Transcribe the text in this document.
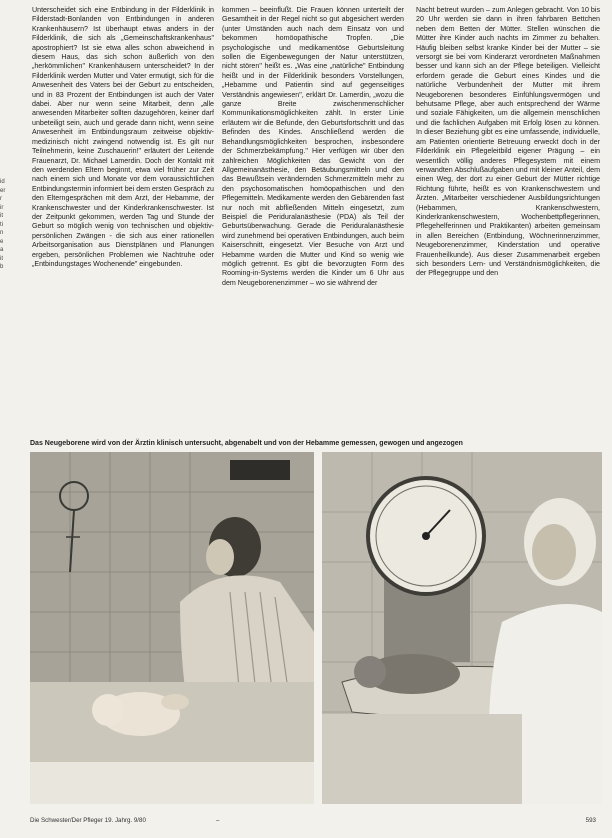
id
er
r
ir
it
ti
n
e
a
it
b

Unterscheidet sich eine Entbindung in der Filderklinik in Filderstadt-Bonlanden von Entbindungen in anderen Krankenhäusern? Ist überhaupt etwas anders in der Filderklinik, die sich als „Gemeinschaftskrankenhaus" apostrophiert? Ist sie etwa alles schon abweichend in diesem Haus, das sich schon äußerlich von den „herkömmlichen" Krankenhäusern unterscheidet? In der Filderklinik werden Mutter und Vater ermutigt, sich für die Anwesenheit des Vaters bei der Geburt zu entscheiden, und in 83 Prozent der Entbindungen ist auch der Vater dabei. Aber nur wenn seine Mitarbeit, denn „alle anwesenden Mitarbeiter sollten dazugehören, keiner darf unbeteiligt sein, auch und gerade dann nicht, wenn seine Anwesenheit im Entbindungsraum zeitweise objektiv-medizinisch nicht zwingend notwendig ist. Es gilt nur Teilnehmerin, keine Zuschauerin!" erläutert der Leitende Frauenarzt, Dr. Michael Lamerdin. Doch der Kontakt mit den werdenden Eltern beginnt, etwa viel früher zur Zeit nach einem sich und Monate vor dem voraussichtlichen Entbindungstermin informiert bei dem ersten Gespräch zu den Elterngesprächen mit dem Arzt, der Hebamme, der Krankenschwester und der Kinderkrankenschwester. Ist der Zeitpunkt gekommen, werden Tag und Stunde der Geburt so möglich wenig von technischen und objektiv-persönlichen Zwängen - die sich aus einer rationellen Arbeitsorganisation aus Dienstplänen und Planungen ergeben, persönlichen Problemen wie Nachtruhe oder „Entbindungstages Wochenende" eingebunden.

kommen – beeinflußt. Die Frauen können unterteilt der Gesamtheit in der Regel nicht so gut abgesichert werden (unter Umständen auch nach dem Einsatz von und bekommen homöopathische Tropfen. „Die psychologische und medikamentöse Geburtsleitung sollen die Eigenbewegungen der Natur unterstützen, nicht stören" heißt es. „Was eine „natürliche" Entbindung heißt und in der Filderklinik besonders Vorstellungen, „Hebamme und Patientin sind auf gegenseitiges Verständnis angewiesen", erklärt Dr. Lamerdin, „wozu die ganze Breite zwischenmenschlicher Kommunikationsmöglichkeiten zählt. In erster Linie erläutern wir die Befunde, den Geburtsfortschritt und das Befinden des Kindes. Anschließend werden die Behandlungsmöglichkeiten besprochen, insbesondere der Schmerzbekämpfung." Hier verfügen wir über den zahlreichen Möglichkeiten das Gewicht von der Allgemeinanästhesie, den Betäubungsmitteln und den das Bewußtsein verändernden Schmerzmitteln mehr zu den psychosomatischen homöopathischen und den Pflegemitteln. Medikamente werden den Gebärenden fast nur noch mit abfließenden Mitteln eingesetzt, zum Beispiel die Periduralanästhesie (PDA) als Teil der Geburtsüberwachung. Gerade die Periduralanästhesie wird zunehmend bei operativen Entbindungen, auch beim Kaiserschnitt, eingesetzt. Vier Besuche von Arzt und Hebamme wurden die Mutter und Kind so wenig wie möglich getrennt. Es gibt die bevorzugten Form des Rooming-in-Systems werden die Kinder um 6 Uhr aus dem Neugeborenenzimmer – wo sie während der

Nacht betreut wurden – zum Anlegen gebracht. Von 10 bis 20 Uhr werden sie dann in ihren fahrbaren Bettchen neben dem Betten der Mütter. Stellen wünschen die Mütter ihre Kinder auch nachts im Zimmer zu behalten. Häufig bleiben selbst kranke Kinder bei der Mutter – sie versorgt sie bei vom Kinderarzt verordneten Maßnahmen besser und kann sich an der Pflege beteiligen. Vielleicht erfordern gerade die Geburt eines Kindes und die natürliche Verbundenheit der Mutter mit ihrem Neugeborenen besonderes Einfühlungsvermögen und behutsame Pflege, aber auch entsprechend der Wärme und soziale Fähigkeiten, um die allgemein menschlichen und die fachlichen Aufgaben mit Erfolg lösen zu können. In dieser Beziehung gibt es eine umfassende, individuelle, am Patienten orientierte Betreuung erweckt doch in der Filderklinik ein Pflegeleitbild eigener Prägung – ein wesentlich völlig anderes Pflegesystem mit einem verwandten Abschlußaufgaben und mit kleiner Anteil, dem einen Weg, der dort zu einer Geburt der Mütter richtige Richtung führte, heißt es von Krankenschwestern und Ärzten. „Mitarbeiter verschiedener Ausbildungsrichtungen (Hebammen, Krankenschwestern, Kinderkrankenschwestern, Wochenbettpflegerinnen, Pflegehelferinnen und Praktikanten) arbeiten gemeinsam in allen Bereichen (Entbindung, Wöchnerinnenzimmer, Neugeborenenzimmer, Kinderstation und operative Frauenheilkunde). Aus dieser Zusammenarbeit ergeben sich besonders Lern- und Verständnismöglichkeiten, die der Pflegegruppe und den

Das Neugeborene wird von der Ärztin klinisch untersucht, abgenabelt und von der Hebamme gemessen, gewogen und angezogen
Die Schwester/Der Pfleger 19. Jahrg. 9/80	–	593
